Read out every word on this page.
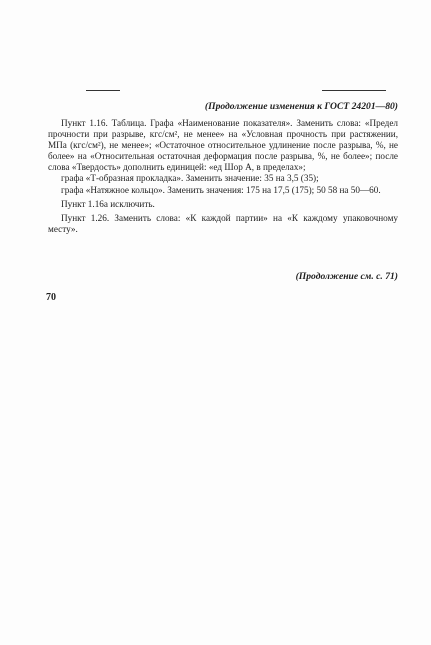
(Продолжение изменения к ГОСТ 24201—80)

Пункт 1.16. Таблица. Графа «Наименование показателя». Заменить слова: «Предел прочности при разрыве, кгс/см², не менее» на «Условная прочность при растяжении, МПа (кгс/см²), не менее»; «Остаточное относительное удлинение после разрыва, %, не более» на «Относительная остаточная деформация после разрыва, %, не более»; после слова «Твердость» дополнить единицей: «ед Шор А, в пределах»;

графа «Т-образная прокладка». Заменить значение: 35 на 3,5 (35);

графа «Натяжное кольцо». Заменить значения: 175 на 17,5 (175); 50 58 на 50—60.

Пункт 1.16а исключить.

Пункт 1.26. Заменить слова: «К каждой партии» на «К каждому упаковочному месту».

(Продолжение см. с. 71)
70
